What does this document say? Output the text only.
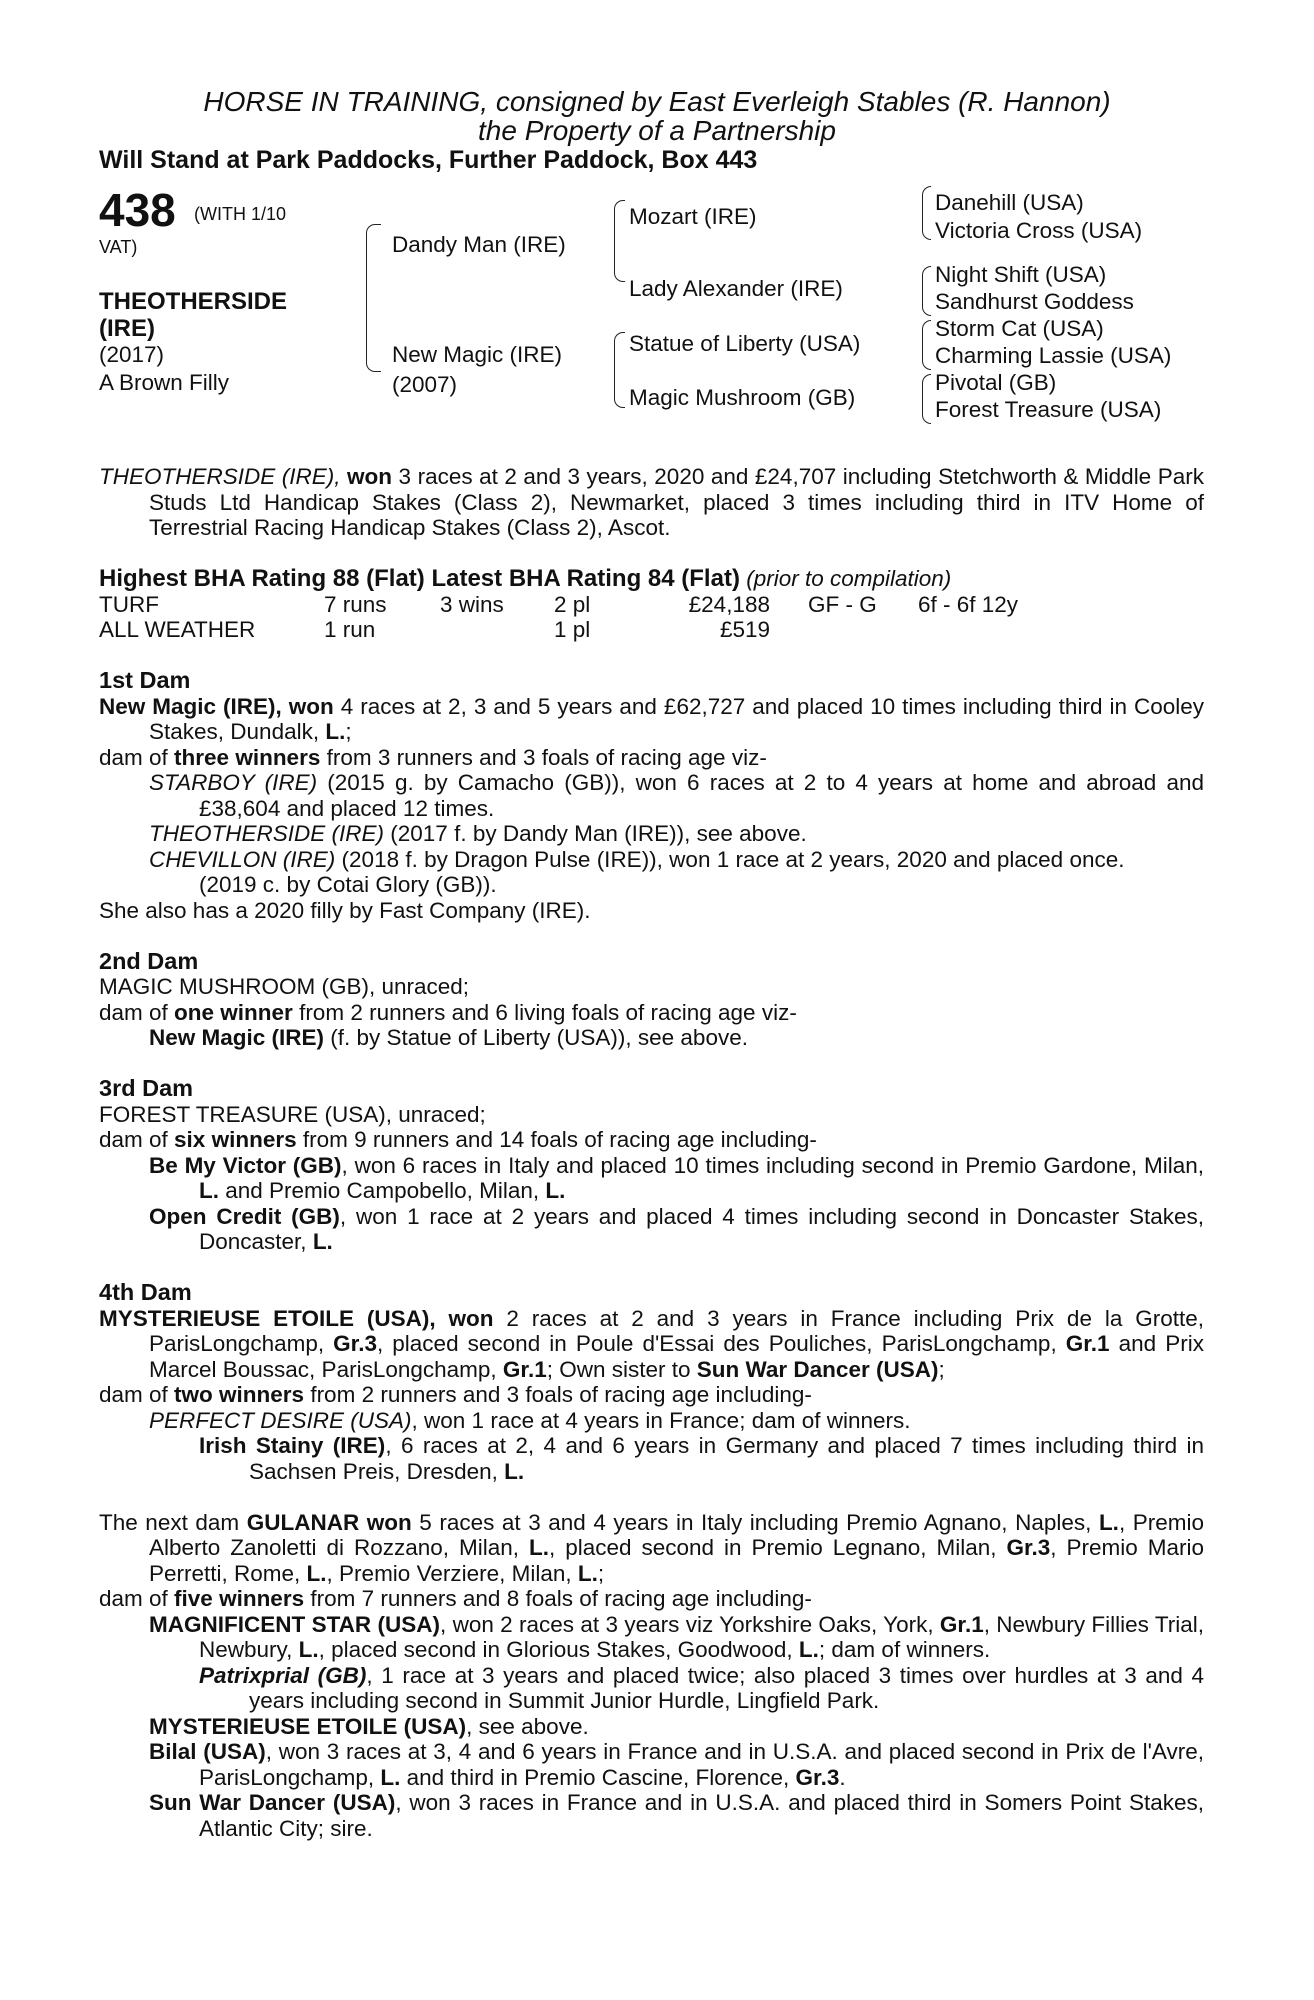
HORSE IN TRAINING, consigned by East Everleigh Stables (R. Hannon)
the Property of a Partnership
Will Stand at Park Paddocks, Further Paddock, Box 443
438 (WITH 1/10
VAT)
THEOTHERSIDE
(IRE)
(2017)
A Brown Filly
Dandy Man (IRE)
New Magic (IRE)
(2007)
Mozart (IRE)
Lady Alexander (IRE)
Statue of Liberty (USA)
Magic Mushroom (GB)
Danehill (USA)
Victoria Cross (USA)
Night Shift (USA)
Sandhurst Goddess
Storm Cat (USA)
Charming Lassie (USA)
Pivotal (GB)
Forest Treasure (USA)

THEOTHERSIDE (IRE), won 3 races at 2 and 3 years, 2020 and £24,707 including Stetchworth & Middle Park Studs Ltd Handicap Stakes (Class 2), Newmarket, placed 3 times including third in ITV Home of Terrestrial Racing Handicap Stakes (Class 2), Ascot.

Highest BHA Rating 88 (Flat) Latest BHA Rating 84 (Flat) (prior to compilation)

TURF	7 runs	3 wins	2 pl	£24,188	GF - G	6f - 6f 12y
ALL WEATHER	1 run		1 pl	£519		

1st Dam

New Magic (IRE), won 4 races at 2, 3 and 5 years and £62,727 and placed 10 times including third in Cooley Stakes, Dundalk, L.;

dam of three winners from 3 runners and 3 foals of racing age viz-

STARBOY (IRE) (2015 g. by Camacho (GB)), won 6 races at 2 to 4 years at home and abroad and £38,604 and placed 12 times.

THEOTHERSIDE (IRE) (2017 f. by Dandy Man (IRE)), see above.

CHEVILLON (IRE) (2018 f. by Dragon Pulse (IRE)), won 1 race at 2 years, 2020 and placed once.

(2019 c. by Cotai Glory (GB)).

She also has a 2020 filly by Fast Company (IRE).

2nd Dam

MAGIC MUSHROOM (GB), unraced;

dam of one winner from 2 runners and 6 living foals of racing age viz-

New Magic (IRE) (f. by Statue of Liberty (USA)), see above.

3rd Dam

FOREST TREASURE (USA), unraced;

dam of six winners from 9 runners and 14 foals of racing age including-

Be My Victor (GB), won 6 races in Italy and placed 10 times including second in Premio Gardone, Milan, L. and Premio Campobello, Milan, L.

Open Credit (GB), won 1 race at 2 years and placed 4 times including second in Doncaster Stakes, Doncaster, L.

4th Dam

MYSTERIEUSE ETOILE (USA), won 2 races at 2 and 3 years in France including Prix de la Grotte, ParisLongchamp, Gr.3, placed second in Poule d'Essai des Pouliches, ParisLongchamp, Gr.1 and Prix Marcel Boussac, ParisLongchamp, Gr.1; Own sister to Sun War Dancer (USA);

dam of two winners from 2 runners and 3 foals of racing age including-

PERFECT DESIRE (USA), won 1 race at 4 years in France; dam of winners.

Irish Stainy (IRE), 6 races at 2, 4 and 6 years in Germany and placed 7 times including third in Sachsen Preis, Dresden, L.

The next dam GULANAR won 5 races at 3 and 4 years in Italy including Premio Agnano, Naples, L., Premio Alberto Zanoletti di Rozzano, Milan, L., placed second in Premio Legnano, Milan, Gr.3, Premio Mario Perretti, Rome, L., Premio Verziere, Milan, L.;

dam of five winners from 7 runners and 8 foals of racing age including-

MAGNIFICENT STAR (USA), won 2 races at 3 years viz Yorkshire Oaks, York, Gr.1, Newbury Fillies Trial, Newbury, L., placed second in Glorious Stakes, Goodwood, L.; dam of winners.

Patrixprial (GB), 1 race at 3 years and placed twice; also placed 3 times over hurdles at 3 and 4 years including second in Summit Junior Hurdle, Lingfield Park.

MYSTERIEUSE ETOILE (USA), see above.

Bilal (USA), won 3 races at 3, 4 and 6 years in France and in U.S.A. and placed second in Prix de l'Avre, ParisLongchamp, L. and third in Premio Cascine, Florence, Gr.3.

Sun War Dancer (USA), won 3 races in France and in U.S.A. and placed third in Somers Point Stakes, Atlantic City; sire.
